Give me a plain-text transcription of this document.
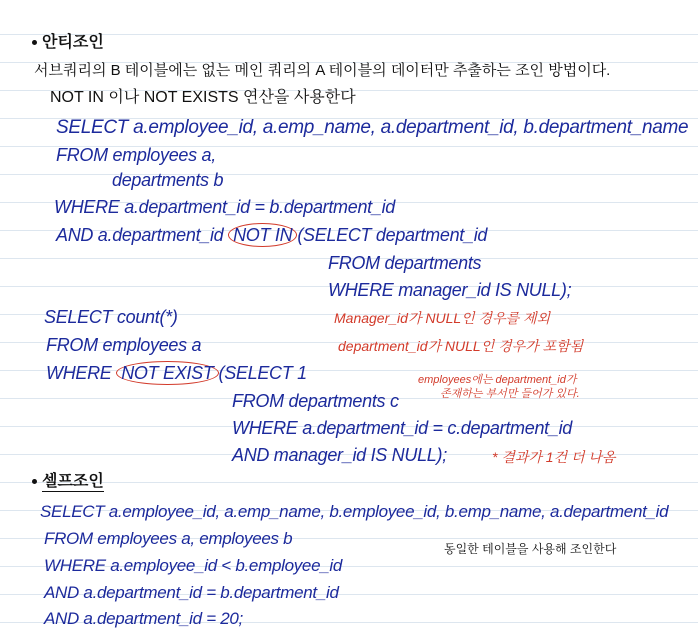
안티조인
서브쿼리의 B 테이블에는 없는 메인 쿼리의 A 테이블의 데이터만 추출하는 조인 방법이다.
NOT IN 이나 NOT EXISTS 연산을 사용한다
SELECT a.employee_id, a.emp_name, a.department_id, b.department_name
FROM employees a,
departments b
WHERE a.department_id = b.department_id
AND a.department_id NOT IN (SELECT department_id
FROM departments
WHERE manager_id IS NULL);
SELECT count(*)
FROM employees a
WHERE NOT EXIST (SELECT 1
FROM departments c
WHERE a.department_id = c.department_id
AND manager_id IS NULL);
Manager_id가 NULL인 경우를 제외
department_id가 NULL인 경우가 포함됨
employees에는 department_id가
존재하는 부서만 들어가 있다.
* 결과가 1건 더 나옴
셀프조인
SELECT a.employee_id, a.emp_name, b.employee_id, b.emp_name, a.department_id
FROM employees a, employees b
WHERE a.employee_id < b.employee_id
AND a.department_id = b.department_id
AND a.department_id = 20;
동일한 테이블을 사용해 조인한다
